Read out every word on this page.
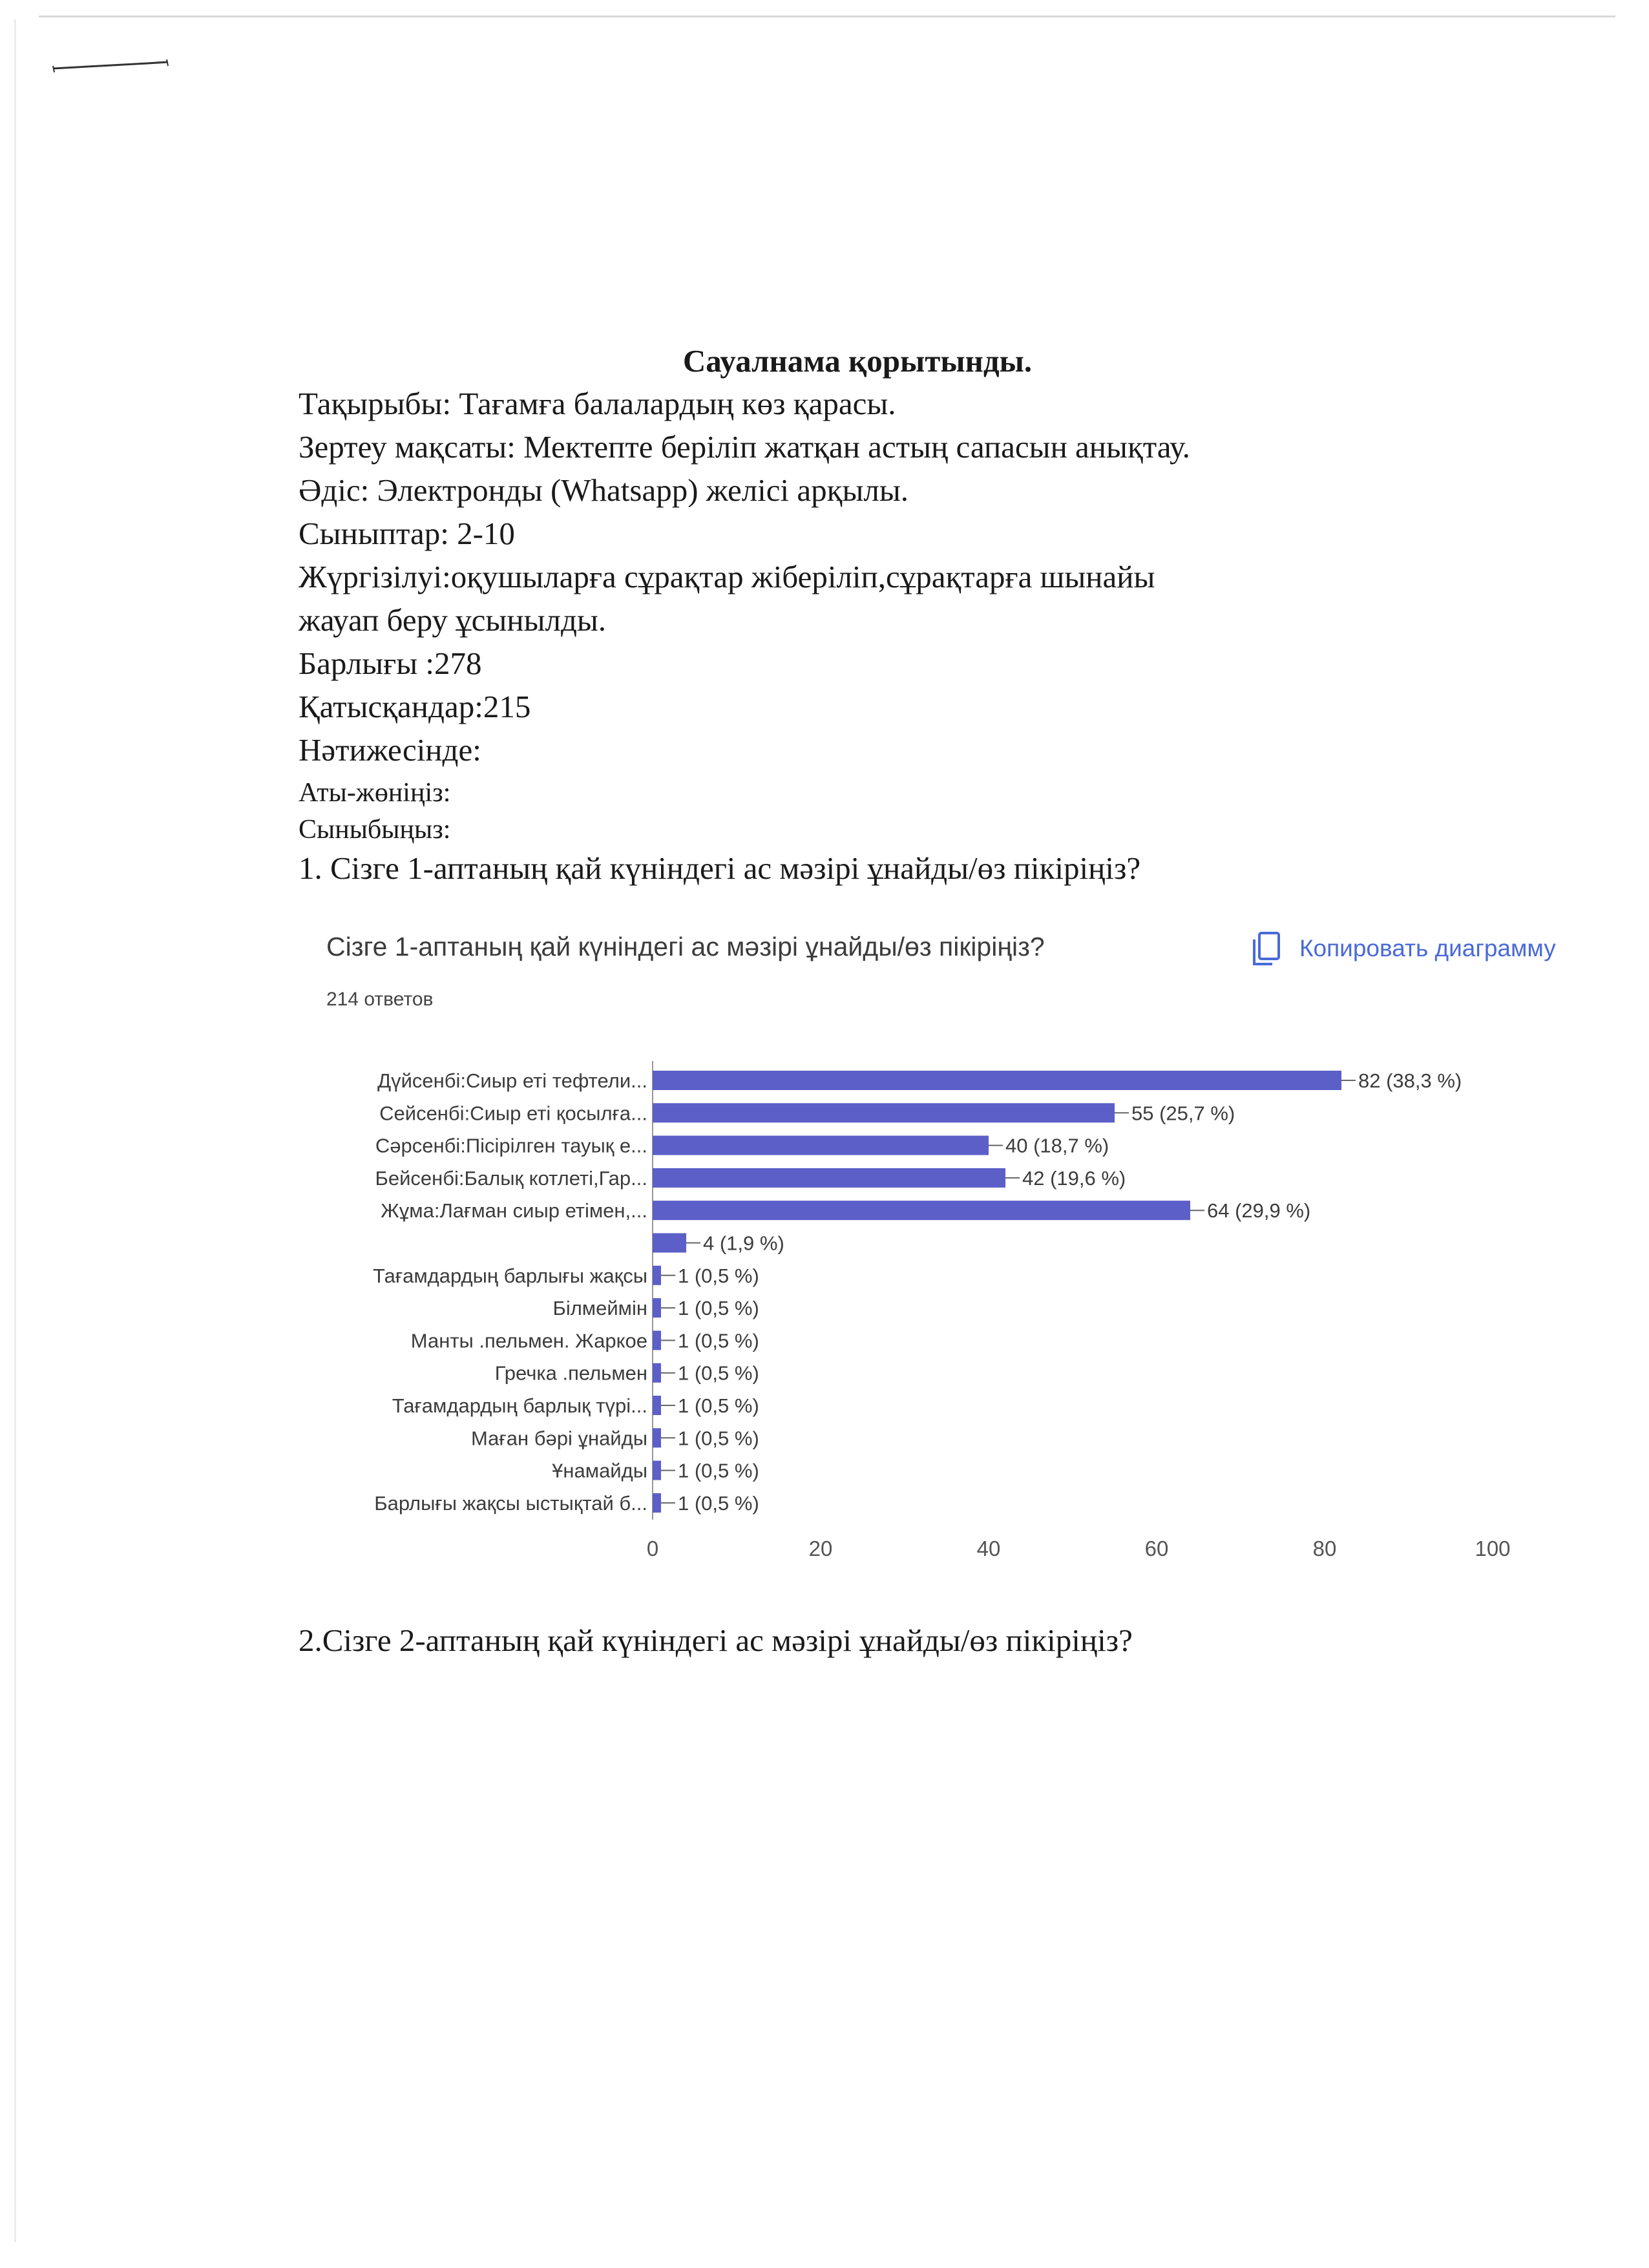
Сауалнама қорытынды.
Тақырыбы: Тағамға балалардың көз қарасы.
Зертеу мақсаты: Мектепте беріліп жатқан астың сапасын анықтау.
Әдіс: Электронды (Whatsapp) желісі арқылы.
Сыныптар: 2-10
Жүргізілуі:оқушыларға сұрақтар жіберіліп,сұрақтарға шынайы
жауап беру ұсынылды.
Барлығы :278
Қатысқандар:215
Нәтижесінде:
Аты-жөніңіз:
Сыныбыңыз:
1. Сізге 1-аптаның қай күніндегі ас мәзірі ұнайды/өз пікіріңіз?
Сізге 1-аптаның қай күніндегі ас мәзірі ұнайды/өз пікіріңіз?
214 ответов
Копировать диаграмму
Дүйсенбі:Сиыр еті тефтели...	82 (38,3 %)
Сейсенбі:Сиыр еті қосылға...	55 (25,7 %)
Сәрсенбі:Пісірілген тауық е...	40 (18,7 %)
Бейсенбі:Балық котлеті,Гар...	42 (19,6 %)
Жұма:Лағман сиыр етімен,...	64 (29,9 %)
4 (1,9 %)
Тағамдардың барлығы жақсы 1 (0,5 %)
Білмеймін 1 (0,5 %)
Манты .пельмен. Жаркое 1 (0,5 %)
Гречка .пельмен 1 (0,5 %)
Тағамдардың барлық түрі... 1 (0,5 %)
Маған бәрі ұнайды 1 (0,5 %)
Ұнамайды 1 (0,5 %)
Барлығы жақсы ыстықтай б... 1 (0,5 %)
0	20	40	60	80	100
2.Сізге 2-аптаның қай күніндегі ас мәзірі ұнайды/өз пікіріңіз?
